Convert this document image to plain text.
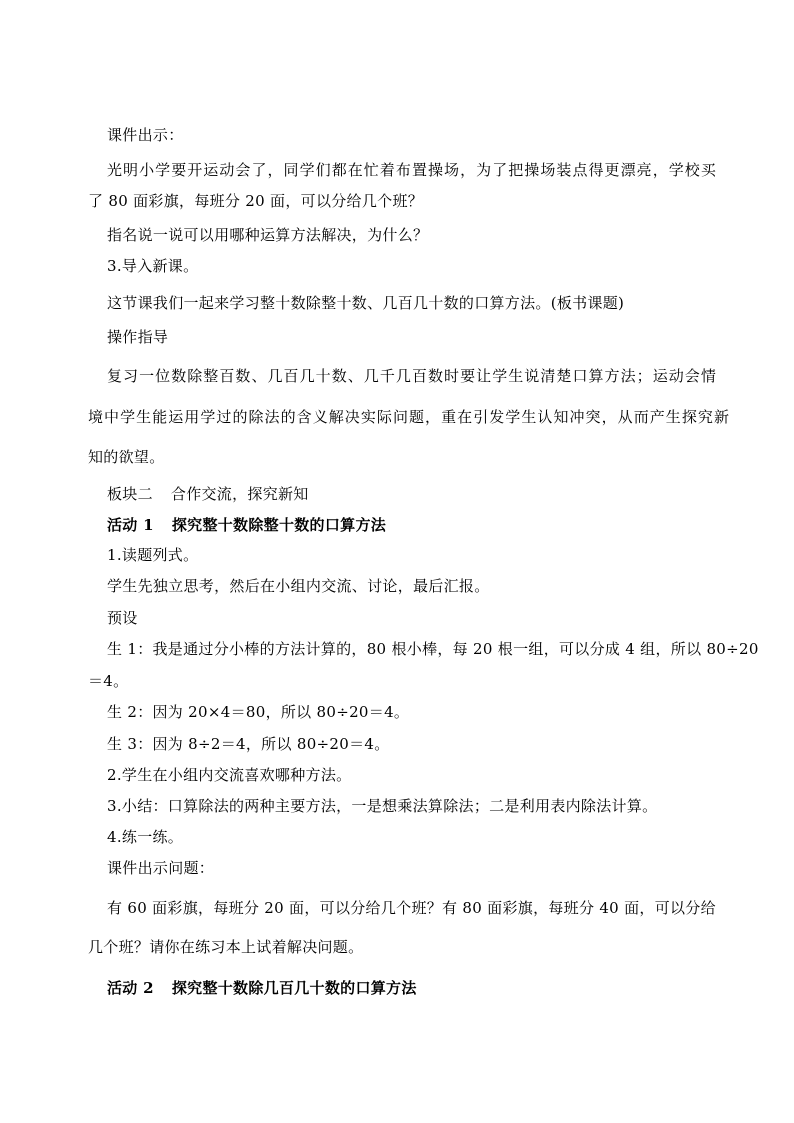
课件出示：
光明小学要开运动会了，同学们都在忙着布置操场，为了把操场装点得更漂亮，学校买
了 80 面彩旗，每班分 20 面，可以分给几个班？
指名说一说可以用哪种运算方法解决，为什么？
3.导入新课。
这节课我们一起来学习整十数除整十数、几百几十数的口算方法。(板书课题)
操作指导
复习一位数除整百数、几百几十数、几千几百数时要让学生说清楚口算方法；运动会情
境中学生能运用学过的除法的含义解决实际问题，重在引发学生认知冲突，从而产生探究新
知的欲望。
板块二 合作交流，探究新知
活动 1 探究整十数除整十数的口算方法
1.读题列式。
学生先独立思考，然后在小组内交流、讨论，最后汇报。
预设
生 1：我是通过分小棒的方法计算的，80 根小棒，每 20 根一组，可以分成 4 组，所以 80÷20
＝4。
生 2：因为 20×4＝80，所以 80÷20＝4。
生 3：因为 8÷2＝4，所以 80÷20＝4。
2.学生在小组内交流喜欢哪种方法。
3.小结：口算除法的两种主要方法，一是想乘法算除法；二是利用表内除法计算。
4.练一练。
课件出示问题：
有 60 面彩旗，每班分 20 面，可以分给几个班？有 80 面彩旗，每班分 40 面，可以分给
几个班？请你在练习本上试着解决问题。
活动 2 探究整十数除几百几十数的口算方法
